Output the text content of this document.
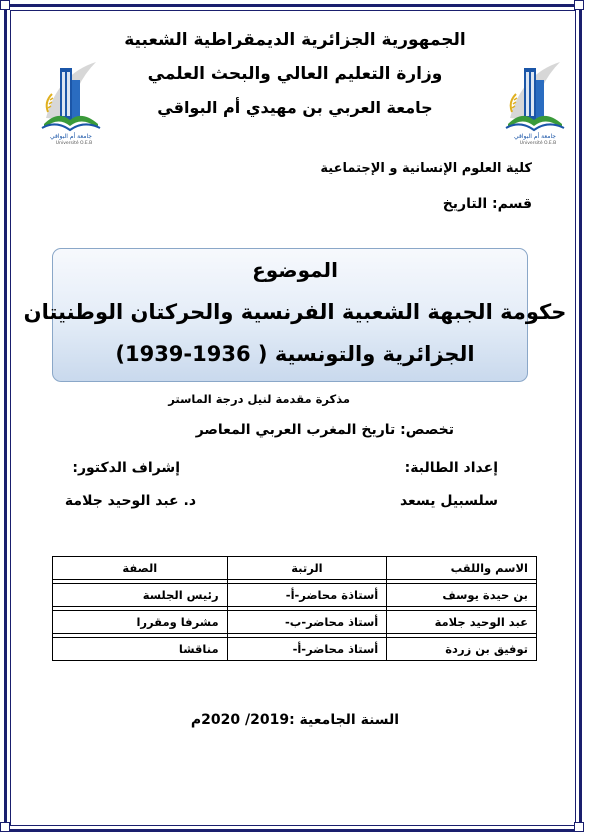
جامعة أم البواقي
Université O.E.B
جامعة أم البواقي
Université O.E.B
الجمهورية الجزائرية الديمقراطية الشعبية
وزارة التعليم العالي والبحث العلمي
جامعة العربي بن مهيدي أم البواقي
كلية العلوم الإنسانية و الإجتماعية
قسم: التاريخ
الموضوع
حكومة الجبهة الشعبية الفرنسية والحركتان الوطنيتان
الجزائرية والتونسية ( 1936-1939)
مذكرة مقدمة لنيل درجة الماستر
تخصص: تاريخ المغرب العربي المعاصر
إعداد الطالبة:
إشراف الدكتور:
سلسبيل يسعد
د. عبد الوحيد جلامة
الاسم واللقب	الرتبة	الصفة

بن حيدة يوسف	أستاذة محاضر-أ-	رئيس الجلسة

عبد الوحيد جلامة	أستاذ محاضر-ب-	مشرفا ومقررا

توفيق بن زردة	أستاذ محاضر-أ-	مناقشا
السنة الجامعية :2019/ 2020م
